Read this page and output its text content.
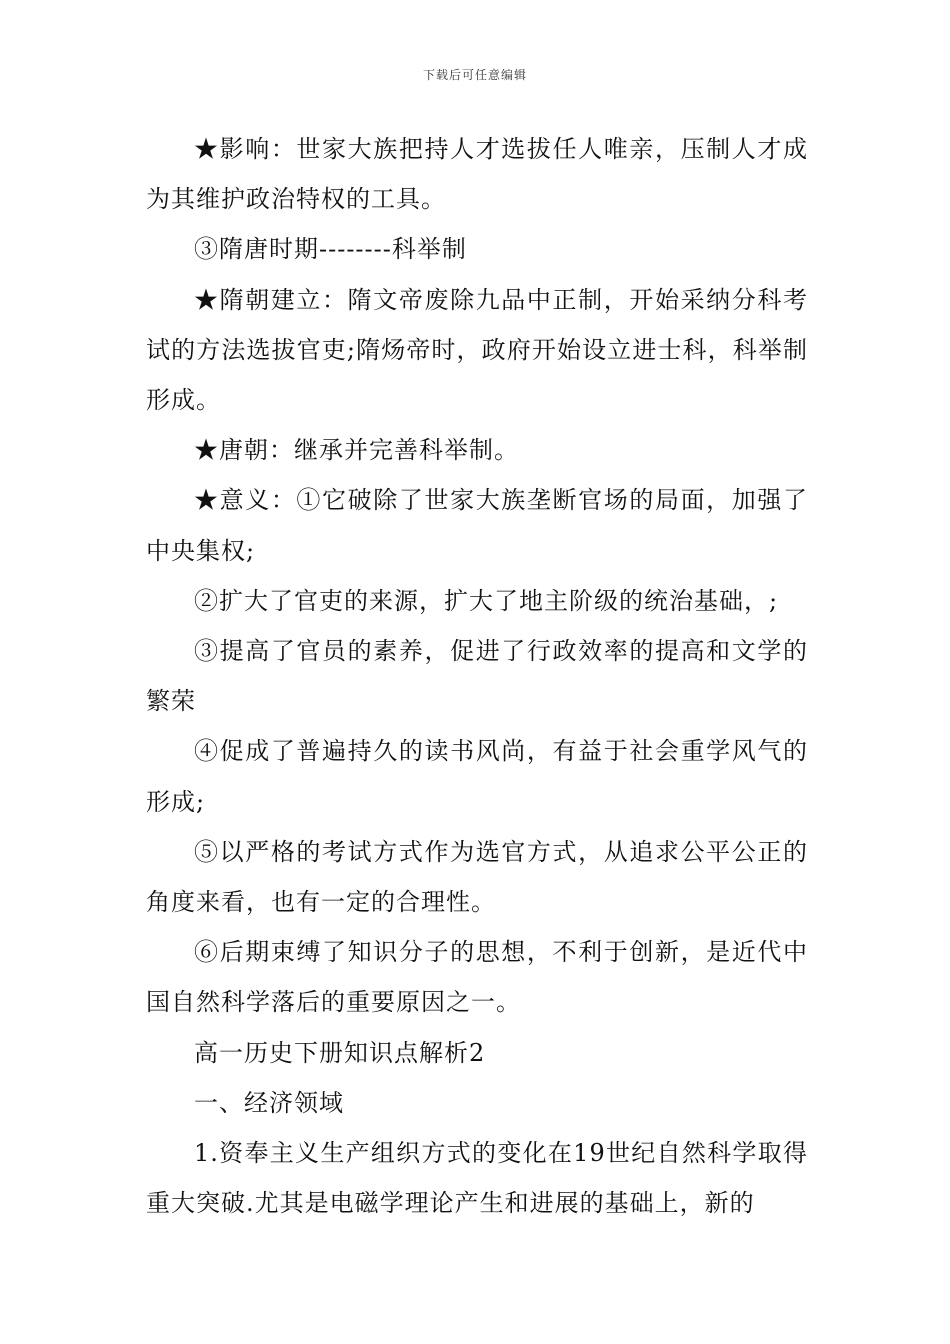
下载后可任意编辑

★影响：世家大族把持人才选拔任人唯亲，压制人才成为其维护政治特权的工具。

③隋唐时期--------科举制

★隋朝建立：隋文帝废除九品中正制，开始采纳分科考试的方法选拔官吏;隋炀帝时，政府开始设立进士科，科举制形成。

★唐朝：继承并完善科举制。

★意义：①它破除了世家大族垄断官场的局面，加强了中央集权;

②扩大了官吏的来源，扩大了地主阶级的统治基础，;

③提高了官员的素养，促进了行政效率的提高和文学的繁荣

④促成了普遍持久的读书风尚，有益于社会重学风气的形成;

⑤以严格的考试方式作为选官方式，从追求公平公正的角度来看，也有一定的合理性。

⑥后期束缚了知识分子的思想，不利于创新，是近代中国自然科学落后的重要原因之一。

高一历史下册知识点解析2

一、经济领域

1.资奉主义生产组织方式的变化在19世纪自然科学取得重大突破.尤其是电磁学理论产生和进展的基础上，新的
